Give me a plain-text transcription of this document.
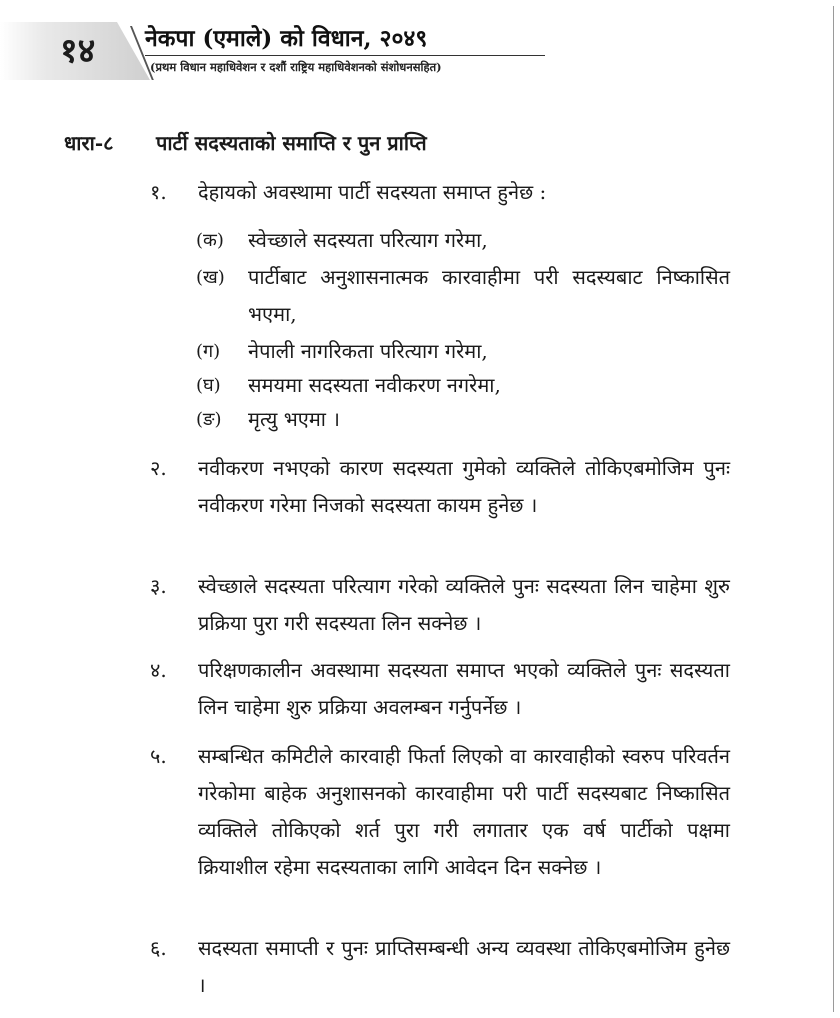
१४	नेकपा (एमाले) को विधान, २०४९
(प्रथम विधान महाधिवेशन र दशौं राष्ट्रिय महाधिवेशनको संशोधनसहित)
धारा-८ पार्टी सदस्यताको समाप्ति र पुन प्राप्ति
१.	देहायको अवस्थामा पार्टी सदस्यता समाप्त हुनेछ :
(क)	स्वेच्छाले सदस्यता परित्याग गरेमा,
(ख)	पार्टीबाट अनुशासनात्मक कारवाहीमा परी सदस्यबाट निष्कासित भएमा,
(ग)	नेपाली नागरिकता परित्याग गरेमा,
(घ)	समयमा सदस्यता नवीकरण नगरेमा,
(ङ)	मृत्यु भएमा ।
२.	नवीकरण नभएको कारण सदस्यता गुमेको व्यक्तिले तोकिएबमोजिम पुनः नवीकरण गरेमा निजको सदस्यता कायम हुनेछ ।
३.	स्वेच्छाले सदस्यता परित्याग गरेको व्यक्तिले पुनः सदस्यता लिन चाहेमा शुरु प्रक्रिया पुरा गरी सदस्यता लिन सक्नेछ ।
४.	परिक्षणकालीन अवस्थामा सदस्यता समाप्त भएको व्यक्तिले पुनः सदस्यता लिन चाहेमा शुरु प्रक्रिया अवलम्बन गर्नुपर्नेछ ।
५.	सम्बन्धित कमिटीले कारवाही फिर्ता लिएको वा कारवाहीको स्वरुप परिवर्तन गरेकोमा बाहेक अनुशासनको कारवाहीमा परी पार्टी सदस्यबाट निष्कासित व्यक्तिले तोकिएको शर्त पुरा गरी लगातार एक वर्ष पार्टीको पक्षमा क्रियाशील रहेमा सदस्यताका लागि आवेदन दिन सक्नेछ ।
६.	सदस्यता समाप्ती र पुनः प्राप्तिसम्बन्धी अन्य व्यवस्था तोकिएबमोजिम हुनेछ ।
